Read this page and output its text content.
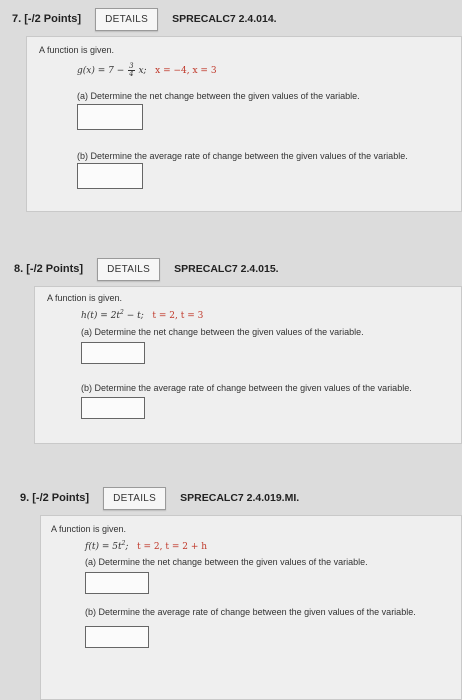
7. [-/2 Points]	DETAILS	SPRECALC7 2.4.014.
A function is given.
$g(x) = 7 - \frac{3}{4} x$; x = −4, x = 3
(a) Determine the net change between the given values of the variable.
(b) Determine the average rate of change between the given values of the variable.
8. [-/2 Points]	DETAILS	SPRECALC7 2.4.015.
A function is given.
$h(t) = 2t^2 - t$; t = 2, t = 3
(a) Determine the net change between the given values of the variable.
(b) Determine the average rate of change between the given values of the variable.
9. [-/2 Points]	DETAILS	SPRECALC7 2.4.019.MI.
A function is given.
$f(t) = 5t^2$; t = 2, t = 2 + h
(a) Determine the net change between the given values of the variable.
(b) Determine the average rate of change between the given values of the variable.
